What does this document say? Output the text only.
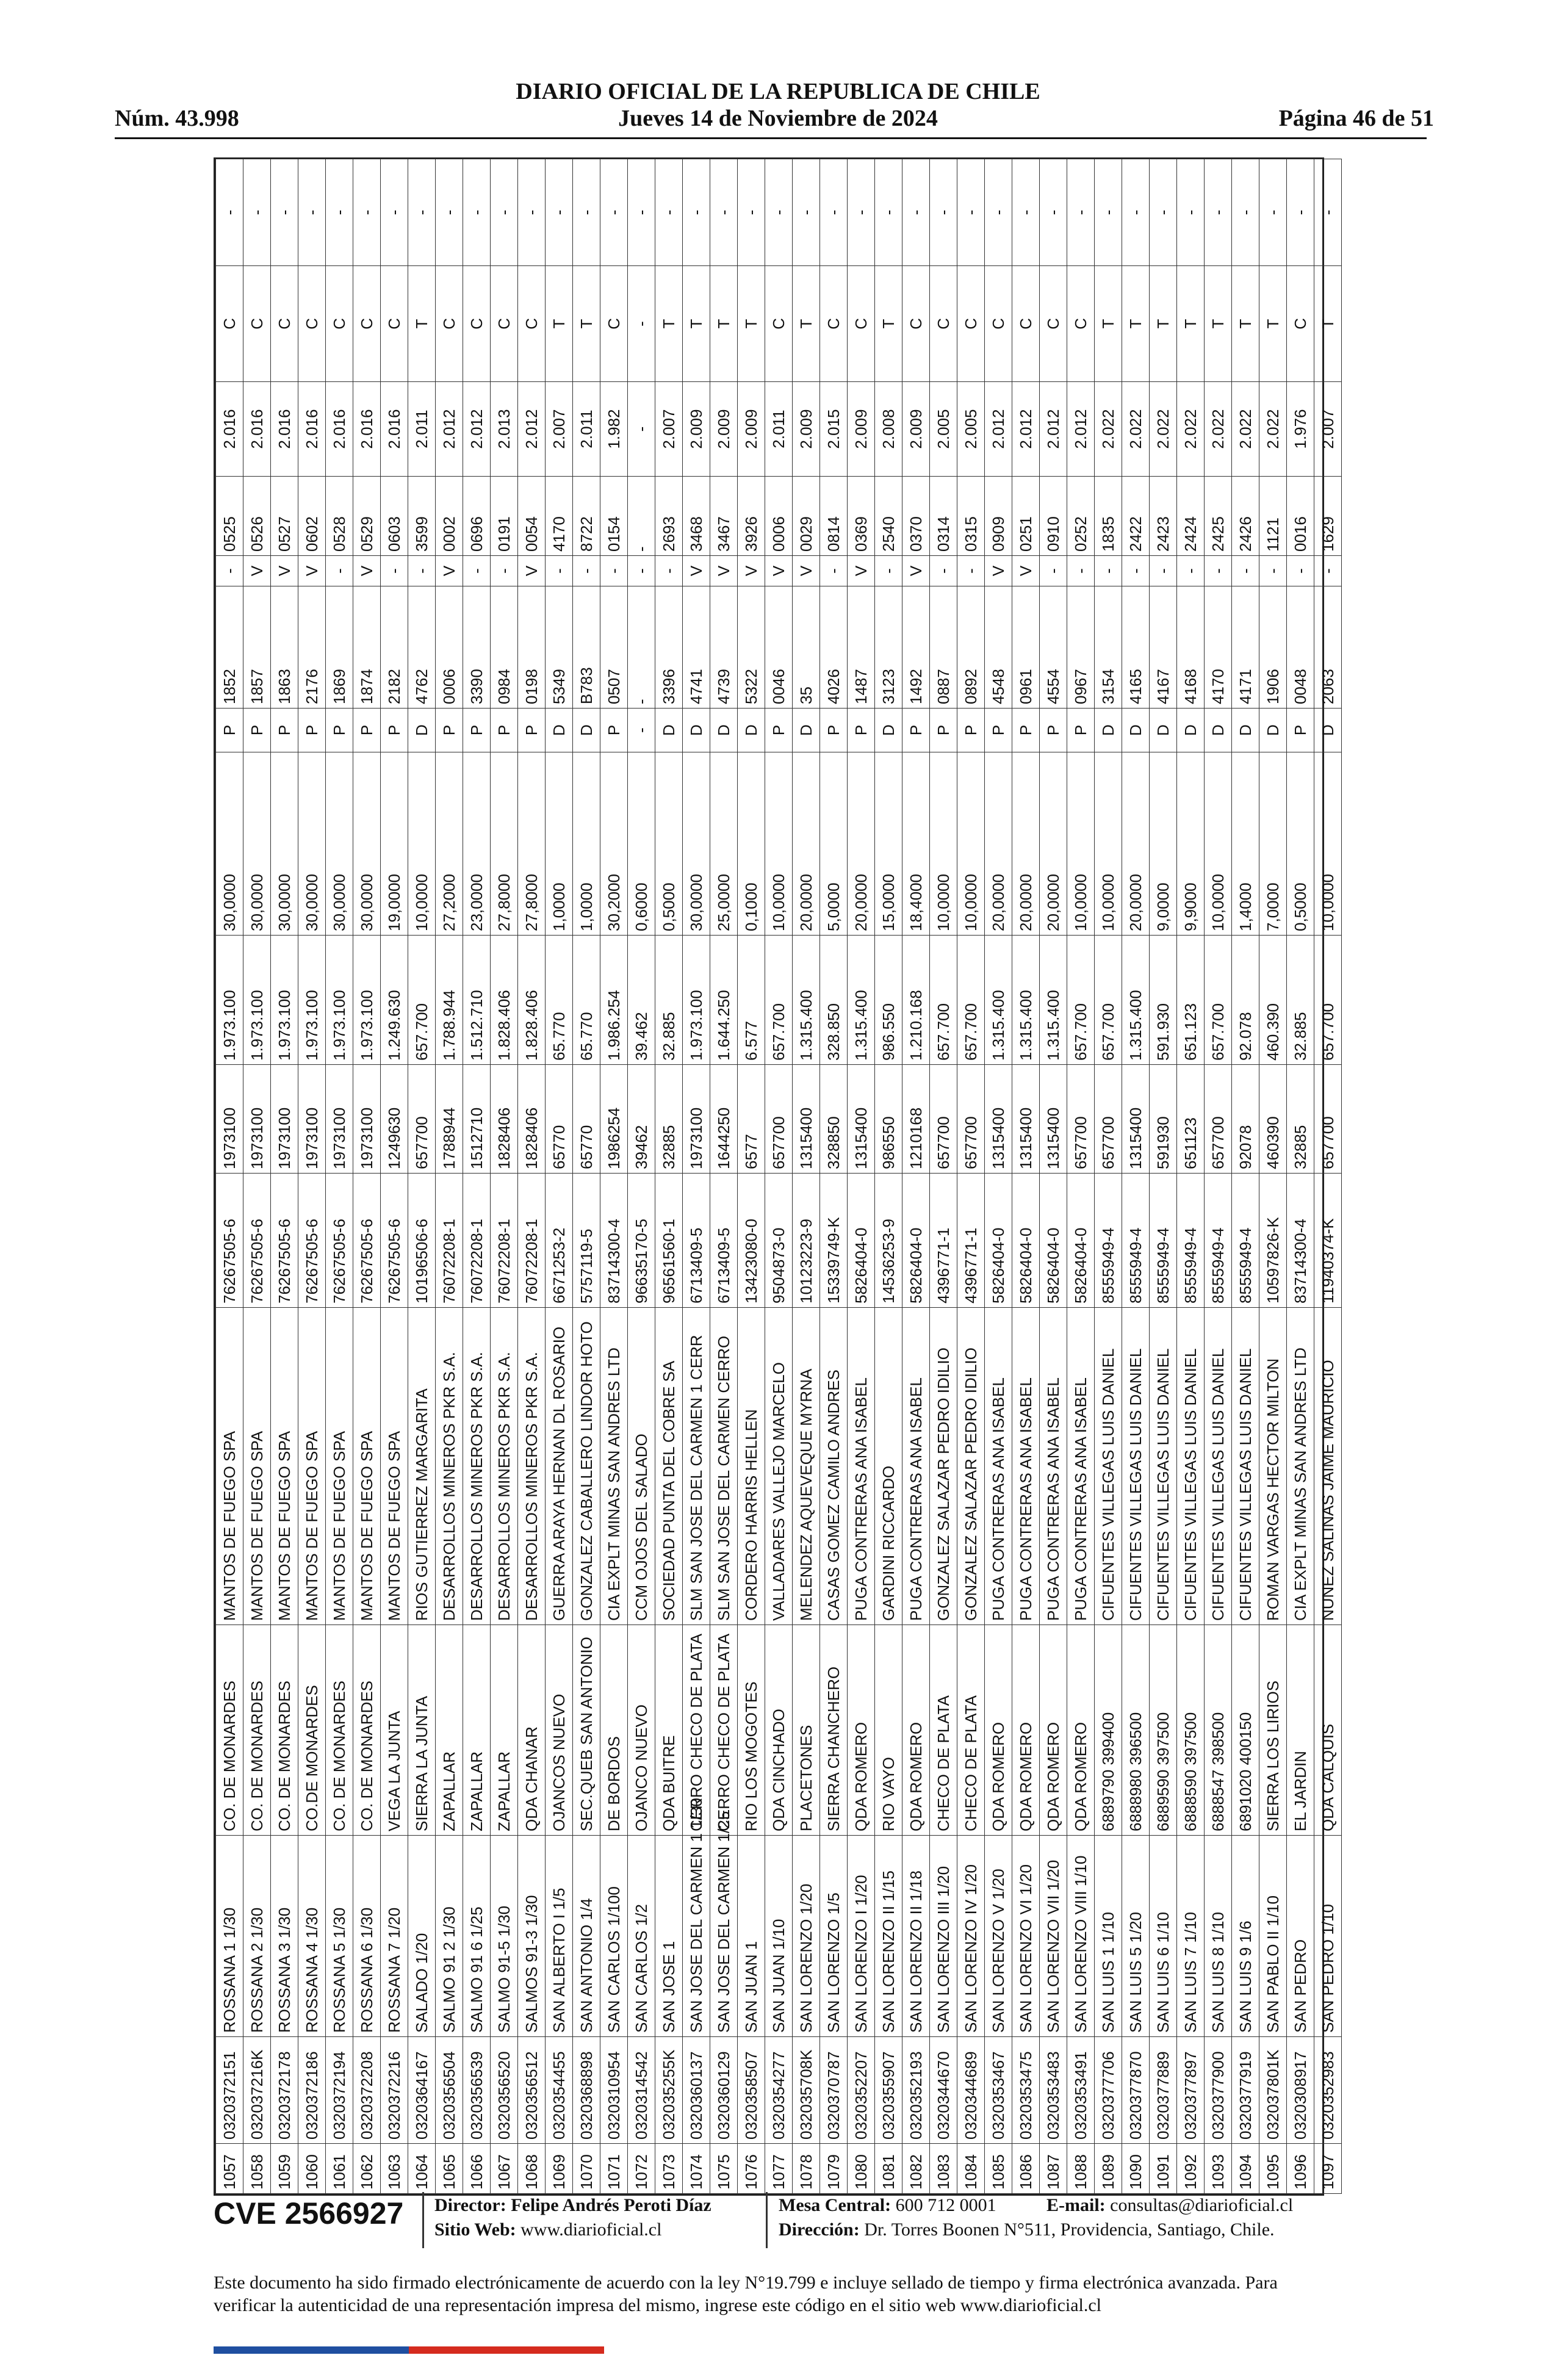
DIARIO OFICIAL DE LA REPUBLICA DE CHILE
Núm. 43.998	Jueves 14 de Noviembre de 2024	Página 46 de 51
1057	0320372151	ROSSANA 1 1/30	CO. DE MONARDES	MANTOS DE FUEGO SPA	76267505-6	1973100	1.973.100	30,0000	P	1852	-	0525	2.016	C	-
1058	032037216K	ROSSANA 2 1/30	CO. DE MONARDES	MANTOS DE FUEGO SPA	76267505-6	1973100	1.973.100	30,0000	P	1857	V	0526	2.016	C	-
1059	0320372178	ROSSANA 3 1/30	CO. DE MONARDES	MANTOS DE FUEGO SPA	76267505-6	1973100	1.973.100	30,0000	P	1863	V	0527	2.016	C	-
1060	0320372186	ROSSANA 4 1/30	CO.DE MONARDES	MANTOS DE FUEGO SPA	76267505-6	1973100	1.973.100	30,0000	P	2176	V	0602	2.016	C	-
1061	0320372194	ROSSANA 5 1/30	CO. DE MONARDES	MANTOS DE FUEGO SPA	76267505-6	1973100	1.973.100	30,0000	P	1869	-	0528	2.016	C	-
1062	0320372208	ROSSANA 6 1/30	CO. DE MONARDES	MANTOS DE FUEGO SPA	76267505-6	1973100	1.973.100	30,0000	P	1874	V	0529	2.016	C	-
1063	0320372216	ROSSANA 7 1/20	VEGA LA JUNTA	MANTOS DE FUEGO SPA	76267505-6	1249630	1.249.630	19,0000	P	2182	-	0603	2.016	C	-
1064	0320364167	SALADO 1/20	SIERRA LA JUNTA	RIOS GUTIERREZ MARGARITA	10196506-6	657700	657.700	10,0000	D	4762	-	3599	2.011	T	-
1065	0320356504	SALMO 91 2 1/30	ZAPALLAR	DESARROLLOS MINEROS PKR S.A.	76072208-1	1788944	1.788.944	27,2000	P	0006	V	0002	2.012	C	-
1066	0320356539	SALMO 91 6 1/25	ZAPALLAR	DESARROLLOS MINEROS PKR S.A.	76072208-1	1512710	1.512.710	23,0000	P	3390	-	0696	2.012	C	-
1067	0320356520	SALMO 91-5 1/30	ZAPALLAR	DESARROLLOS MINEROS PKR S.A.	76072208-1	1828406	1.828.406	27,8000	P	0984	-	0191	2.013	C	-
1068	0320356512	SALMOS 91-3 1/30	QDA CHANAR	DESARROLLOS MINEROS PKR S.A.	76072208-1	1828406	1.828.406	27,8000	P	0198	V	0054	2.012	C	-
1069	0320354455	SAN ALBERTO I 1/5	OJANCOS NUEVO	GUERRA ARAYA HERNAN DL ROSARIO	6671253-2	65770	65.770	1,0000	D	5349	-	4170	2.007	T	-
1070	0320368898	SAN ANTONIO 1/4	SEC.QUEB SAN ANTONIO	GONZALEZ CABALLERO LINDOR HOTO	5757119-5	65770	65.770	1,0000	D	B783	-	8722	2.011	T	-
1071	0320310954	SAN CARLOS 1/100	DE BORDOS	CIA EXPLT MINAS SAN ANDRES LTD	83714300-4	1986254	1.986.254	30,2000	P	0507	-	0154	1.982	C	-
1072	0320314542	SAN CARLOS 1/2	OJANCO NUEVO	CCM OJOS DEL SALADO	96635170-5	39462	39.462	0,6000	-	-	-	-	-	-	-
1073	032035255K	SAN JOSE 1	QDA BUITRE	SOCIEDAD PUNTA DEL COBRE SA	96561560-1	32885	32.885	0,5000	D	3396	-	2693	2.007	T	-
1074	0320360137	SAN JOSE DEL CARMEN 1 1/30	CERRO CHECO DE PLATA	SLM SAN JOSE DEL CARMEN 1 CERR	6713409-5	1973100	1.973.100	30,0000	D	4741	V	3468	2.009	T	-
1075	0320360129	SAN JOSE DEL CARMEN 1/25	CERRO CHECO DE PLATA	SLM SAN JOSE DEL CARMEN CERRO	6713409-5	1644250	1.644.250	25,0000	D	4739	V	3467	2.009	T	-
1076	0320358507	SAN JUAN 1	RIO LOS MOGOTES	CORDERO HARRIS HELLEN	13423080-0	6577	6.577	0,1000	D	5322	V	3926	2.009	T	-
1077	0320354277	SAN JUAN 1/10	QDA CINCHADO	VALLADARES VALLEJO MARCELO	9504873-0	657700	657.700	10,0000	P	0046	V	0006	2.011	C	-
1078	032035708K	SAN LORENZO 1/20	PLACETONES	MELENDEZ AQUEVEQUE MYRNA	10123223-9	1315400	1.315.400	20,0000	D	35	V	0029	2.009	T	-
1079	0320370787	SAN LORENZO 1/5	SIERRA CHANCHERO	CASAS GOMEZ CAMILO ANDRES	15339749-K	328850	328.850	5,0000	P	4026	-	0814	2.015	C	-
1080	0320352207	SAN LORENZO I 1/20	QDA ROMERO	PUGA CONTRERAS ANA ISABEL	5826404-0	1315400	1.315.400	20,0000	P	1487	V	0369	2.009	C	-
1081	0320355907	SAN LORENZO II 1/15	RIO VAYO	GARDINI RICCARDO	14536253-9	986550	986.550	15,0000	D	3123	-	2540	2.008	T	-
1082	0320352193	SAN LORENZO II 1/18	QDA ROMERO	PUGA CONTRERAS ANA ISABEL	5826404-0	1210168	1.210.168	18,4000	P	1492	V	0370	2.009	C	-
1083	0320344670	SAN LORENZO III 1/20	CHECO DE PLATA	GONZALEZ SALAZAR PEDRO IDILIO	4396771-1	657700	657.700	10,0000	P	0887	-	0314	2.005	C	-
1084	0320344689	SAN LORENZO IV 1/20	CHECO DE PLATA	GONZALEZ SALAZAR PEDRO IDILIO	4396771-1	657700	657.700	10,0000	P	0892	-	0315	2.005	C	-
1085	0320353467	SAN LORENZO V 1/20	QDA ROMERO	PUGA CONTRERAS ANA ISABEL	5826404-0	1315400	1.315.400	20,0000	P	4548	V	0909	2.012	C	-
1086	0320353475	SAN LORENZO VI 1/20	QDA ROMERO	PUGA CONTRERAS ANA ISABEL	5826404-0	1315400	1.315.400	20,0000	P	0961	V	0251	2.012	C	-
1087	0320353483	SAN LORENZO VII 1/20	QDA ROMERO	PUGA CONTRERAS ANA ISABEL	5826404-0	1315400	1.315.400	20,0000	P	4554	-	0910	2.012	C	-
1088	0320353491	SAN LORENZO VIII 1/10	QDA ROMERO	PUGA CONTRERAS ANA ISABEL	5826404-0	657700	657.700	10,0000	P	0967	-	0252	2.012	C	-
1089	0320377706	SAN LUIS 1 1/10	6889790 399400	CIFUENTES VILLEGAS LUIS DANIEL	8555949-4	657700	657.700	10,0000	D	3154	-	1835	2.022	T	-
1090	0320377870	SAN LUIS 5 1/20	6888980 396500	CIFUENTES VILLEGAS LUIS DANIEL	8555949-4	1315400	1.315.400	20,0000	D	4165	-	2422	2.022	T	-
1091	0320377889	SAN LUIS 6 1/10	6889590 397500	CIFUENTES VILLEGAS LUIS DANIEL	8555949-4	591930	591.930	9,0000	D	4167	-	2423	2.022	T	-
1092	0320377897	SAN LUIS 7 1/10	6888590 397500	CIFUENTES VILLEGAS LUIS DANIEL	8555949-4	651123	651.123	9,9000	D	4168	-	2424	2.022	T	-
1093	0320377900	SAN LUIS 8 1/10	6888547 398500	CIFUENTES VILLEGAS LUIS DANIEL	8555949-4	657700	657.700	10,0000	D	4170	-	2425	2.022	T	-
1094	0320377919	SAN LUIS 9 1/6	6891020 400150	CIFUENTES VILLEGAS LUIS DANIEL	8555949-4	92078	92.078	1,4000	D	4171	-	2426	2.022	T	-
1095	032037801K	SAN PABLO II 1/10	SIERRA LOS LIRIOS	ROMAN VARGAS HECTOR MILTON	10597826-K	460390	460.390	7,0000	D	1906	-	1121	2.022	T	-
1096	0320308917	SAN PEDRO	EL JARDIN	CIA EXPLT MINAS SAN ANDRES LTD	83714300-4	32885	32.885	0,5000	P	0048	-	0016	1.976	C	-
1097	0320352983	SAN PEDRO 1/10	QDA CALQUIS	NUNEZ SALINAS JAIME MAURICIO	11940374-K	657700	657.700	10,0000	D	2063	-	1629	2.007	T	-
CVE 2566927 Director: Felipe Andrés Peroti Díaz
Sitio Web: www.diarioficial.cl
Mesa Central: 600 712 0001	E-mail: consultas@diarioficial.cl
Dirección: Dr. Torres Boonen N°511, Providencia, Santiago, Chile.
Este documento ha sido firmado electrónicamente de acuerdo con la ley N°19.799 e incluye sellado de tiempo y firma electrónica avanzada. Para verificar la autenticidad de una representación impresa del mismo, ingrese este código en el sitio web www.diarioficial.cl
